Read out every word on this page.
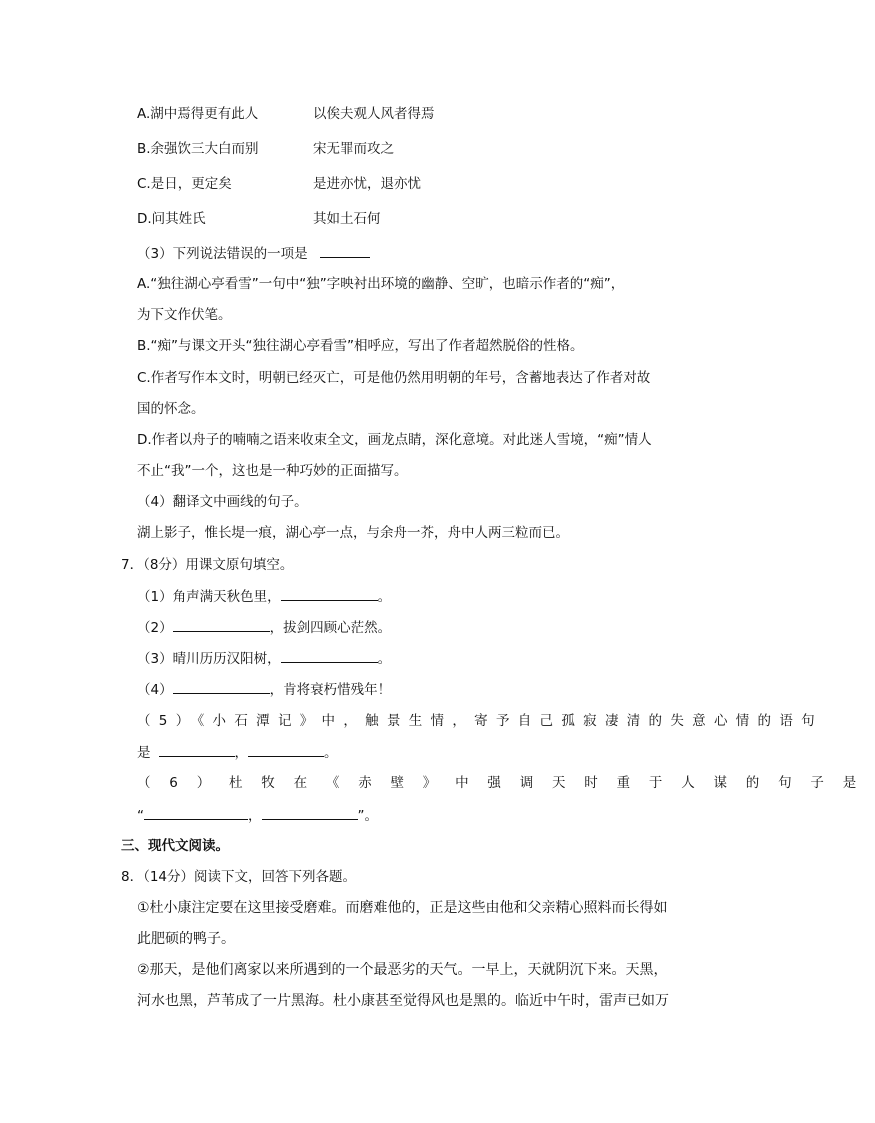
A.湖中焉得更有此人	以俟夫观人风者得焉
B.余强饮三大白而别	宋无罪而攻之
C.是日，更定矣	是进亦忧，退亦忧
D.问其姓氏	其如土石何
（3）下列说法错误的一项是
A.“独往湖心亭看雪”一句中“独”字映衬出环境的幽静、空旷，也暗示作者的“痴”，
为下文作伏笔。
B.“痴”与课文开头“独往湖心亭看雪”相呼应，写出了作者超然脱俗的性格。
C.作者写作本文时，明朝已经灭亡，可是他仍然用明朝的年号，含蓄地表达了作者对故
国的怀念。
D.作者以舟子的喃喃之语来收束全文，画龙点睛，深化意境。对此迷人雪境，“痴”情人
不止“我”一个，这也是一种巧妙的正面描写。
（4）翻译文中画线的句子。
湖上影子，惟长堤一痕，湖心亭一点，与余舟一芥，舟中人两三粒而已。
7．（8分）用课文原句填空。
（1）角声满天秋色里，	。
（2）	，拔剑四顾心茫然。
（3）晴川历历汉阳树，	。
（4）	，肯将衰朽惜残年！
（5）《小石潭记》中，触景生情，寄予自己孤寂凄清的失意心情的语句
是	，	。
（6）杜牧在《赤壁》中强调天时重于人谋的句子是
“	，	”。
三、现代文阅读。
8．（14分）阅读下文，回答下列各题。
①杜小康注定要在这里接受磨难。而磨难他的，正是这些由他和父亲精心照料而长得如
此肥硕的鸭子。
②那天，是他们离家以来所遇到的一个最恶劣的天气。一早上，天就阴沉下来。天黑，
河水也黑，芦苇成了一片黑海。杜小康甚至觉得风也是黑的。临近中午时，雷声已如万
